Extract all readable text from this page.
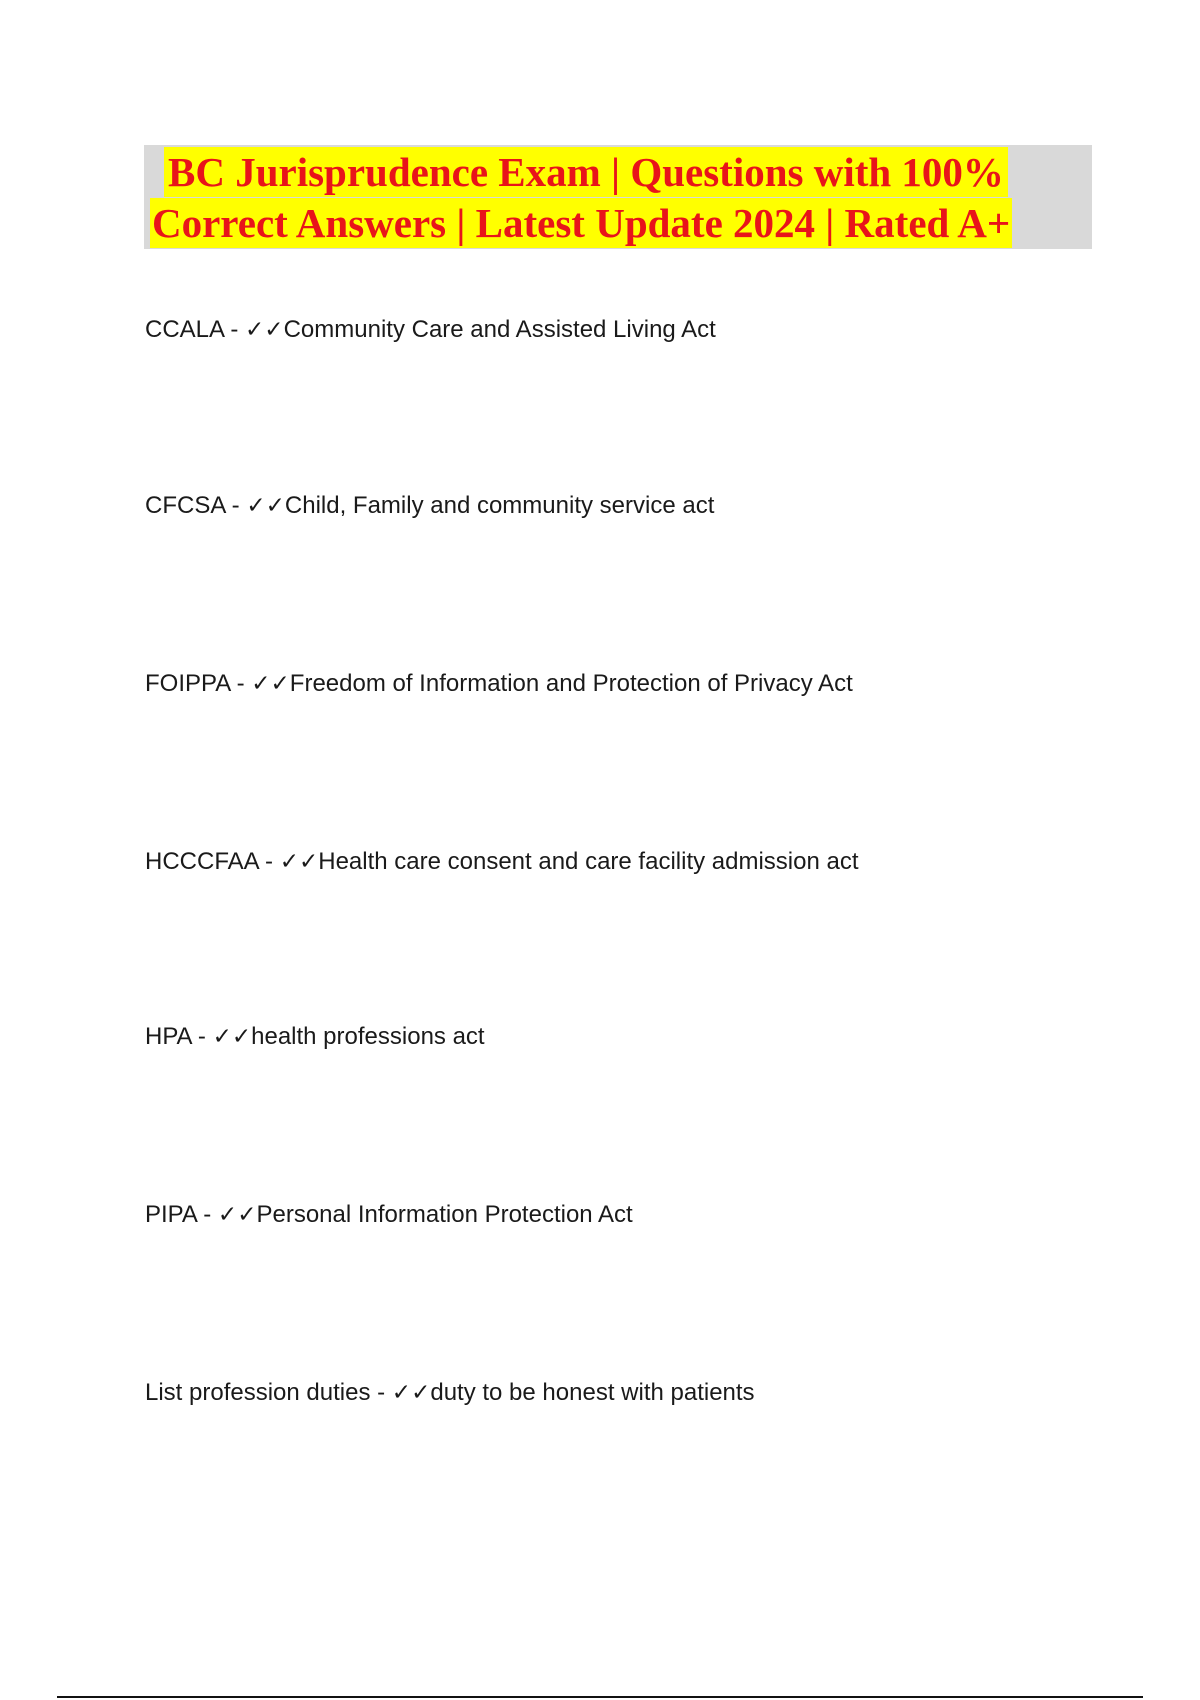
BC Jurisprudence Exam | Questions with 100%
Correct Answers | Latest Update 2024 | Rated A+
CCALA - ✓✓Community Care and Assisted Living Act
CFCSA - ✓✓Child, Family and community service act
FOIPPA - ✓✓Freedom of Information and Protection of Privacy Act
HCCCFAA - ✓✓Health care consent and care facility admission act
HPA - ✓✓health professions act
PIPA - ✓✓Personal Information Protection Act
List profession duties - ✓✓duty to be honest with patients
